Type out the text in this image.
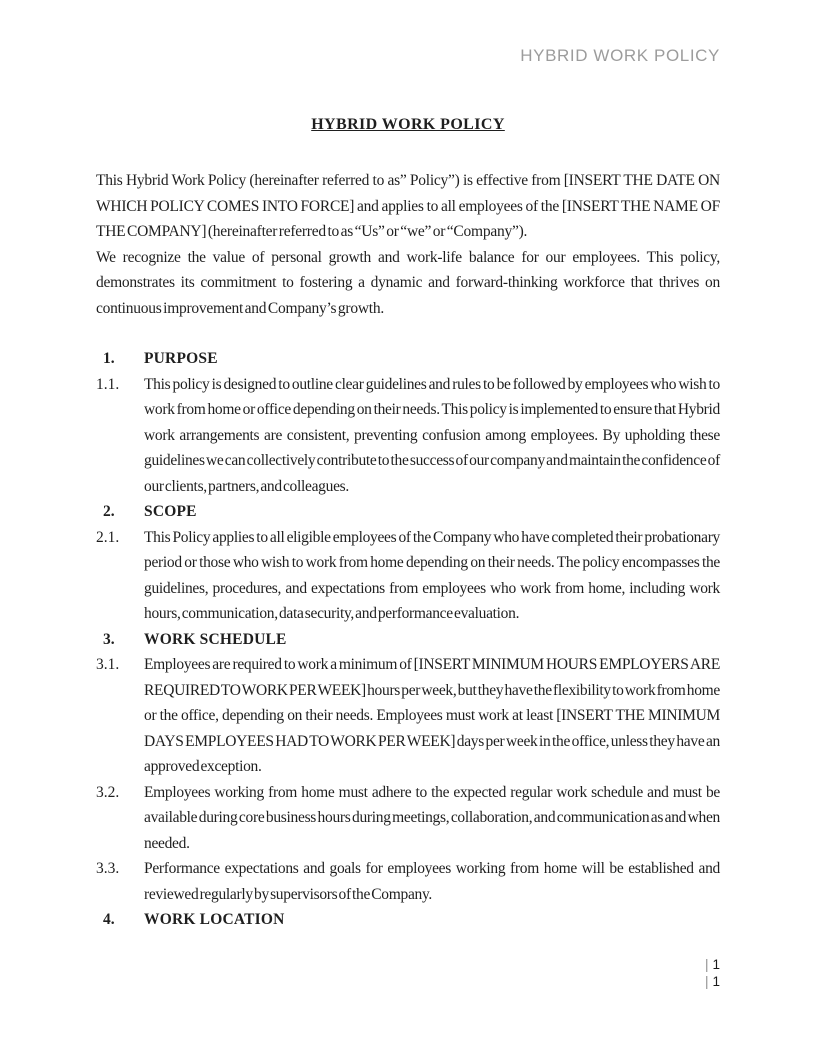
HYBRID WORK POLICY
HYBRID WORK POLICY

This Hybrid Work Policy (hereinafter referred to as” Policy”) is effective from [INSERT THE DATE ON WHICH POLICY COMES INTO FORCE] and applies to all employees of the [INSERT THE NAME OF THE COMPANY] (hereinafter referred to as “Us” or “we” or “Company”).

We recognize the value of personal growth and work-life balance for our employees. This policy, demonstrates its commitment to fostering a dynamic and forward-thinking workforce that thrives on continuous improvement and Company’s growth.

1.	PURPOSE
1.1.	This policy is designed to outline clear guidelines and rules to be followed by employees who wish to work from home or office depending on their needs. This policy is implemented to ensure that Hybrid work arrangements are consistent, preventing confusion among employees. By upholding these guidelines we can collectively contribute to the success of our company and maintain the confidence of our clients, partners, and colleagues.
2.	SCOPE
2.1.	This Policy applies to all eligible employees of the Company who have completed their probationary period or those who wish to work from home depending on their needs. The policy encompasses the guidelines, procedures, and expectations from employees who work from home, including work hours, communication, data security, and performance evaluation.
3.	WORK SCHEDULE
3.1.	Employees are required to work a minimum of [INSERT MINIMUM HOURS EMPLOYERS ARE REQUIRED TO WORK PER WEEK] hours per week, but they have the flexibility to work from home or the office, depending on their needs. Employees must work at least [INSERT THE MINIMUM DAYS EMPLOYEES HAD TO WORK PER WEEK] days per week in the office, unless they have an approved exception.
3.2.	Employees working from home must adhere to the expected regular work schedule and must be available during core business hours during meetings, collaboration, and communication as and when needed.
3.3.	Performance expectations and goals for employees working from home will be established and reviewed regularly by supervisors of the Company.
4.	WORK LOCATION
| 1
| 1
